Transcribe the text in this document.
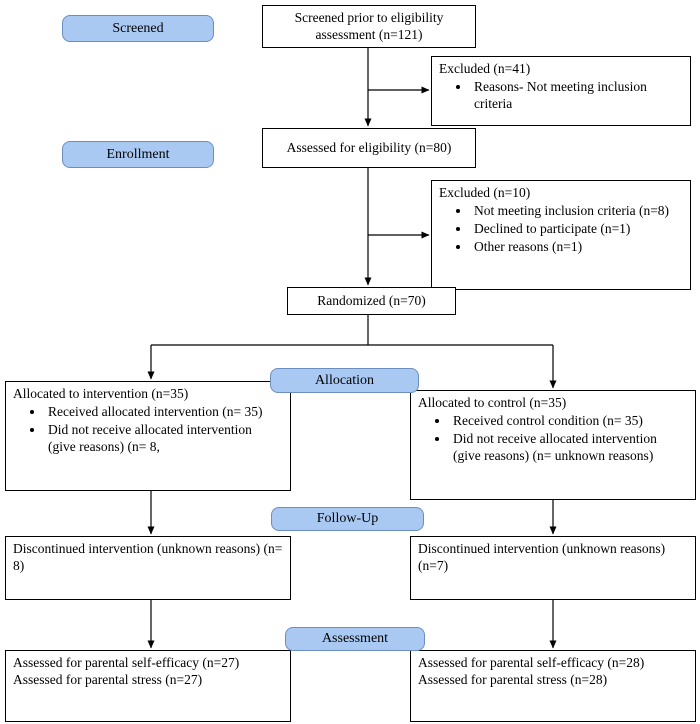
Screened
Enrollment
Allocation
Follow-Up
Assessment
Screened prior to eligibility assessment (n=121)
Excluded (n=41)
• Reasons- Not meeting inclusion criteria
Assessed for eligibility (n=80)
Excluded (n=10)
• Not meeting inclusion criteria (n=8)
• Declined to participate (n=1)
• Other reasons (n=1)
Randomized (n=70)
Allocated to intervention (n=35)
• Received allocated intervention (n= 35)
• Did not receive allocated intervention (give reasons) (n= 8,
Allocated to control (n=35)
• Received control condition (n= 35)
• Did not receive allocated intervention (give reasons) (n= unknown reasons)
Discontinued intervention (unknown reasons) (n= 8)
Discontinued intervention (unknown reasons) (n=7)
Assessed for parental self-efficacy (n=27)
Assessed for parental stress (n=27)
Assessed for parental self-efficacy (n=28)
Assessed for parental stress (n=28)
